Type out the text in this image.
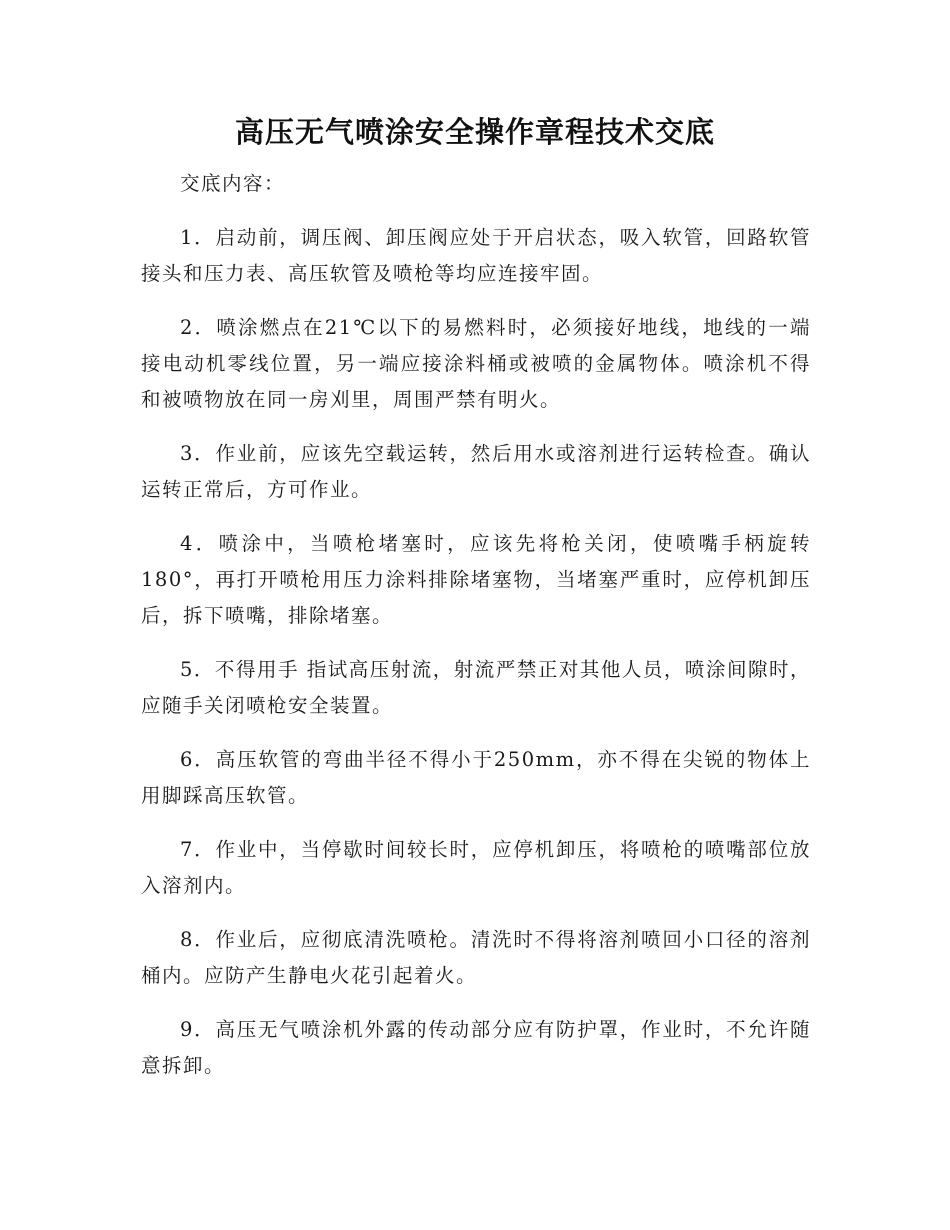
高压无气喷涂安全操作章程技术交底

交底内容：

1．启动前，调压阀、卸压阀应处于开启状态，吸入软管，回路软管接头和压力表、高压软管及喷枪等均应连接牢固。

2．喷涂燃点在21℃以下的易燃料时，必须接好地线，地线的一端接电动机零线位置，另一端应接涂料桶或被喷的金属物体。喷涂机不得和被喷物放在同一房刈里，周围严禁有明火。

3．作业前，应该先空载运转，然后用水或溶剂进行运转检查。确认运转正常后，方可作业。

4．喷涂中，当喷枪堵塞时，应该先将枪关闭，使喷嘴手柄旋转180°，再打开喷枪用压力涂料排除堵塞物，当堵塞严重时，应停机卸压后，拆下喷嘴，排除堵塞。

5．不得用手 指试高压射流，射流严禁正对其他人员，喷涂间隙时，应随手关闭喷枪安全装置。

6．高压软管的弯曲半径不得小于250mm，亦不得在尖锐的物体上用脚踩高压软管。

7．作业中，当停歇时间较长时，应停机卸压，将喷枪的喷嘴部位放入溶剂内。

8．作业后，应彻底清洗喷枪。清洗时不得将溶剂喷回小口径的溶剂桶内。应防产生静电火花引起着火。

9．高压无气喷涂机外露的传动部分应有防护罩，作业时，不允许随意拆卸。
